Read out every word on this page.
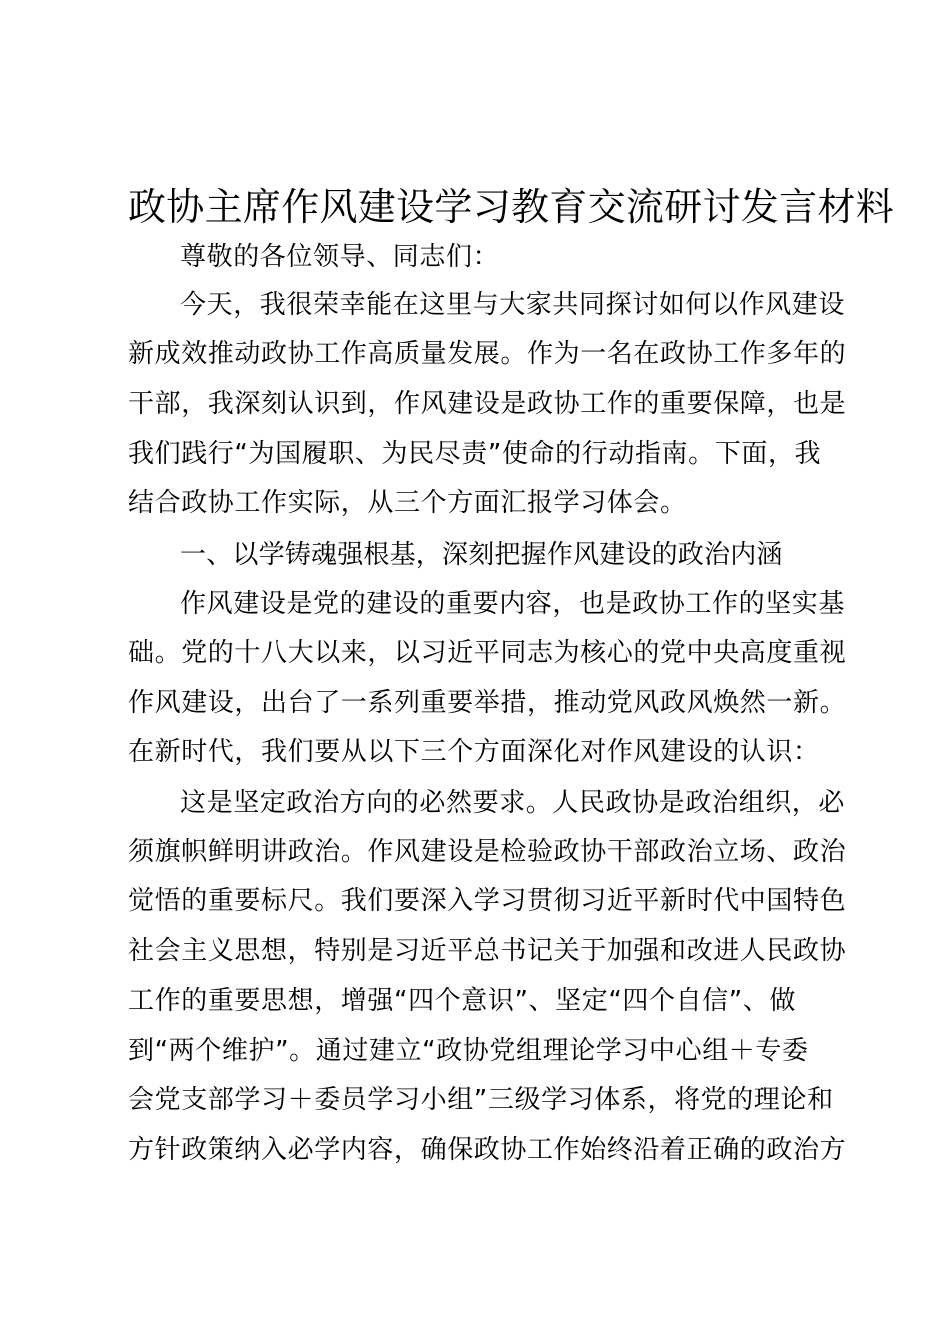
政协主席作风建设学习教育交流研讨发言材料
尊敬的各位领导、同志们：
今天，我很荣幸能在这里与大家共同探讨如何以作风建设
新成效推动政协工作高质量发展。作为一名在政协工作多年的
干部，我深刻认识到，作风建设是政协工作的重要保障，也是
我们践行“为国履职、为民尽责”使命的行动指南。下面，我
结合政协工作实际，从三个方面汇报学习体会。
一、以学铸魂强根基，深刻把握作风建设的政治内涵
作风建设是党的建设的重要内容，也是政协工作的坚实基
础。党的十八大以来，以习近平同志为核心的党中央高度重视
作风建设，出台了一系列重要举措，推动党风政风焕然一新。
在新时代，我们要从以下三个方面深化对作风建设的认识：
这是坚定政治方向的必然要求。人民政协是政治组织，必
须旗帜鲜明讲政治。作风建设是检验政协干部政治立场、政治
觉悟的重要标尺。我们要深入学习贯彻习近平新时代中国特色
社会主义思想，特别是习近平总书记关于加强和改进人民政协
工作的重要思想，增强“四个意识”、坚定“四个自信”、做
到“两个维护”。通过建立“政协党组理论学习中心组＋专委
会党支部学习＋委员学习小组”三级学习体系，将党的理论和
方针政策纳入必学内容，确保政协工作始终沿着正确的政治方
